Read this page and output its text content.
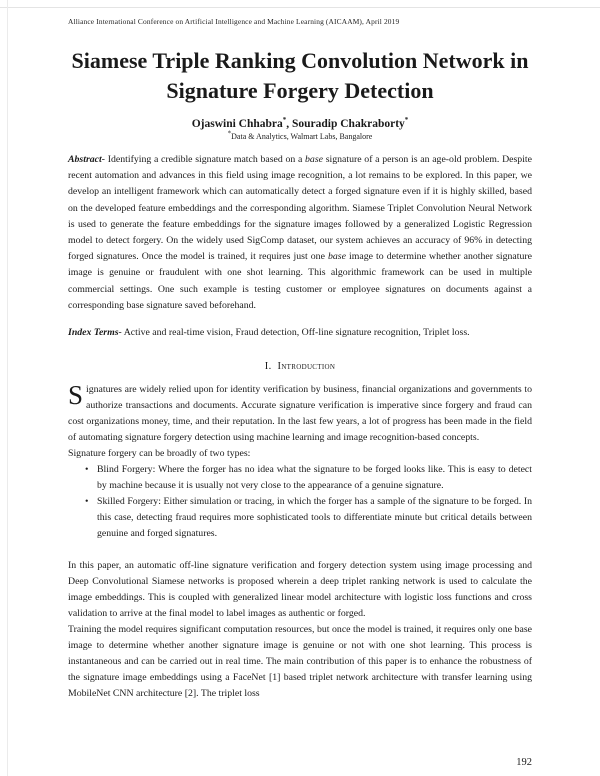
Alliance International Conference on Artificial Intelligence and Machine Learning (AICAAM), April 2019
Siamese Triple Ranking Convolution Network in
Signature Forgery Detection
Ojaswini Chhabra*, Souradip Chakraborty*
*Data & Analytics, Walmart Labs, Bangalore

Abstract- Identifying a credible signature match based on a base signature of a person is an age-old problem. Despite recent automation and advances in this field using image recognition, a lot remains to be explored. In this paper, we develop an intelligent framework which can automatically detect a forged signature even if it is highly skilled, based on the developed feature embeddings and the corresponding algorithm. Siamese Triplet Convolution Neural Network is used to generate the feature embeddings for the signature images followed by a generalized Logistic Regression model to detect forgery. On the widely used SigComp dataset, our system achieves an accuracy of 96% in detecting forged signatures. Once the model is trained, it requires just one base image to determine whether another signature image is genuine or fraudulent with one shot learning. This algorithmic framework can be used in multiple commercial settings. One such example is testing customer or employee signatures on documents against a corresponding base signature saved beforehand.

Index Terms- Active and real-time vision, Fraud detection, Off-line signature recognition, Triplet loss.

I. Introduction

Signatures are widely relied upon for identity verification by business, financial organizations and governments to authorize transactions and documents. Accurate signature verification is imperative since forgery and fraud can cost organizations money, time, and their reputation. In the last few years, a lot of progress has been made in the field of automating signature forgery detection using machine learning and image recognition-based concepts.

Signature forgery can be broadly of two types:

• Blind Forgery: Where the forger has no idea what the signature to be forged looks like. This is easy to detect by machine because it is usually not very close to the appearance of a genuine signature.
• Skilled Forgery: Either simulation or tracing, in which the forger has a sample of the signature to be forged. In this case, detecting fraud requires more sophisticated tools to differentiate minute but critical details between genuine and forged signatures.

In this paper, an automatic off-line signature verification and forgery detection system using image processing and Deep Convolutional Siamese networks is proposed wherein a deep triplet ranking network is used to calculate the image embeddings. This is coupled with generalized linear model architecture with logistic loss functions and cross validation to arrive at the final model to label images as authentic or forged.

Training the model requires significant computation resources, but once the model is trained, it requires only one base image to determine whether another signature image is genuine or not with one shot learning. This process is instantaneous and can be carried out in real time. The main contribution of this paper is to enhance the robustness of the signature image embeddings using a FaceNet [1] based triplet network architecture with transfer learning using MobileNet CNN architecture [2]. The triplet loss

192
